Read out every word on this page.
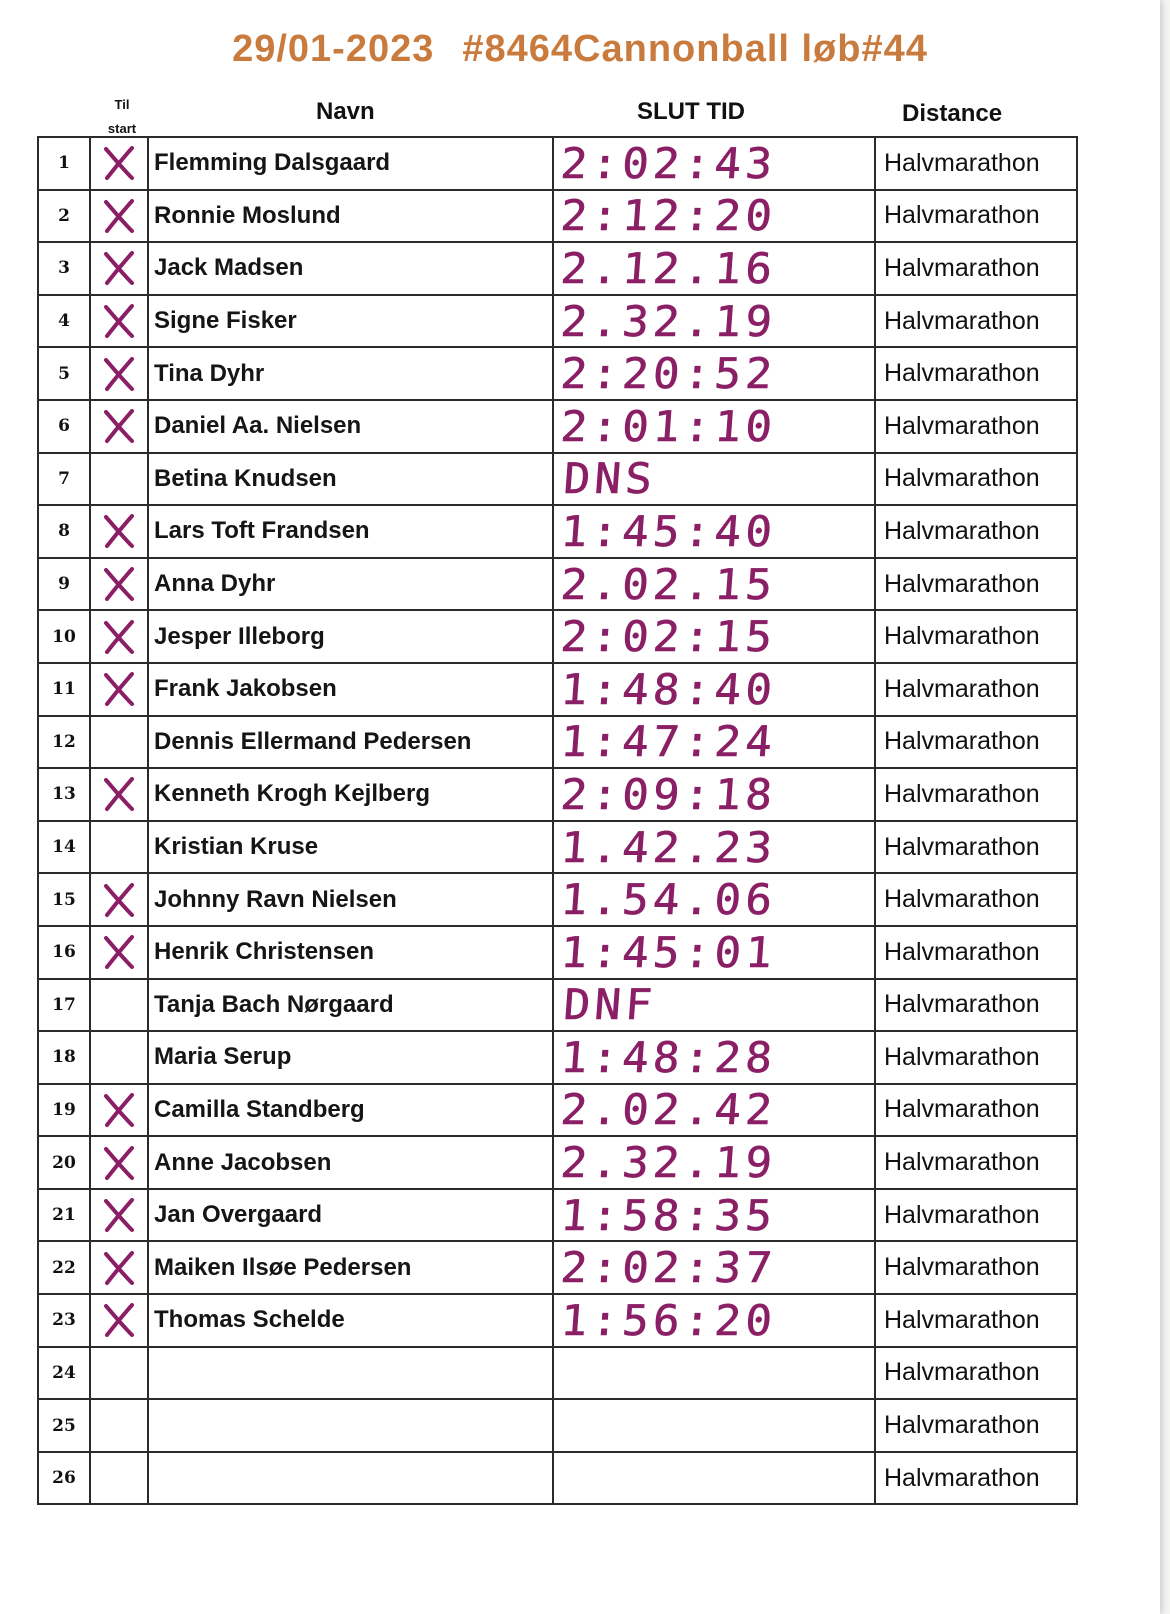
29/01-2023 #8464Cannonball løb#44
Til
start
Navn	SLUT TID	Distance
1		Flemming Dalsgaard	2:02:43	Halvmarathon
2		Ronnie Moslund	2:12:20	Halvmarathon
3		Jack Madsen	2.12.16	Halvmarathon
4		Signe Fisker	2.32.19	Halvmarathon
5		Tina Dyhr	2:20:52	Halvmarathon
6		Daniel Aa. Nielsen	2:01:10	Halvmarathon
7		Betina Knudsen	DNS	Halvmarathon
8		Lars Toft Frandsen	1:45:40	Halvmarathon
9		Anna Dyhr	2.02.15	Halvmarathon
10		Jesper Illeborg	2:02:15	Halvmarathon
11		Frank Jakobsen	1:48:40	Halvmarathon
12		Dennis Ellermand Pedersen	1:47:24	Halvmarathon
13		Kenneth Krogh Kejlberg	2:09:18	Halvmarathon
14		Kristian Kruse	1.42.23	Halvmarathon
15		Johnny Ravn Nielsen	1.54.06	Halvmarathon
16		Henrik Christensen	1:45:01	Halvmarathon
17		Tanja Bach Nørgaard	DNF	Halvmarathon
18		Maria Serup	1:48:28	Halvmarathon
19		Camilla Standberg	2.02.42	Halvmarathon
20		Anne Jacobsen	2.32.19	Halvmarathon
21		Jan Overgaard	1:58:35	Halvmarathon
22		Maiken Ilsøe Pedersen	2:02:37	Halvmarathon
23		Thomas Schelde	1:56:20	Halvmarathon
24				Halvmarathon
25				Halvmarathon
26				Halvmarathon
